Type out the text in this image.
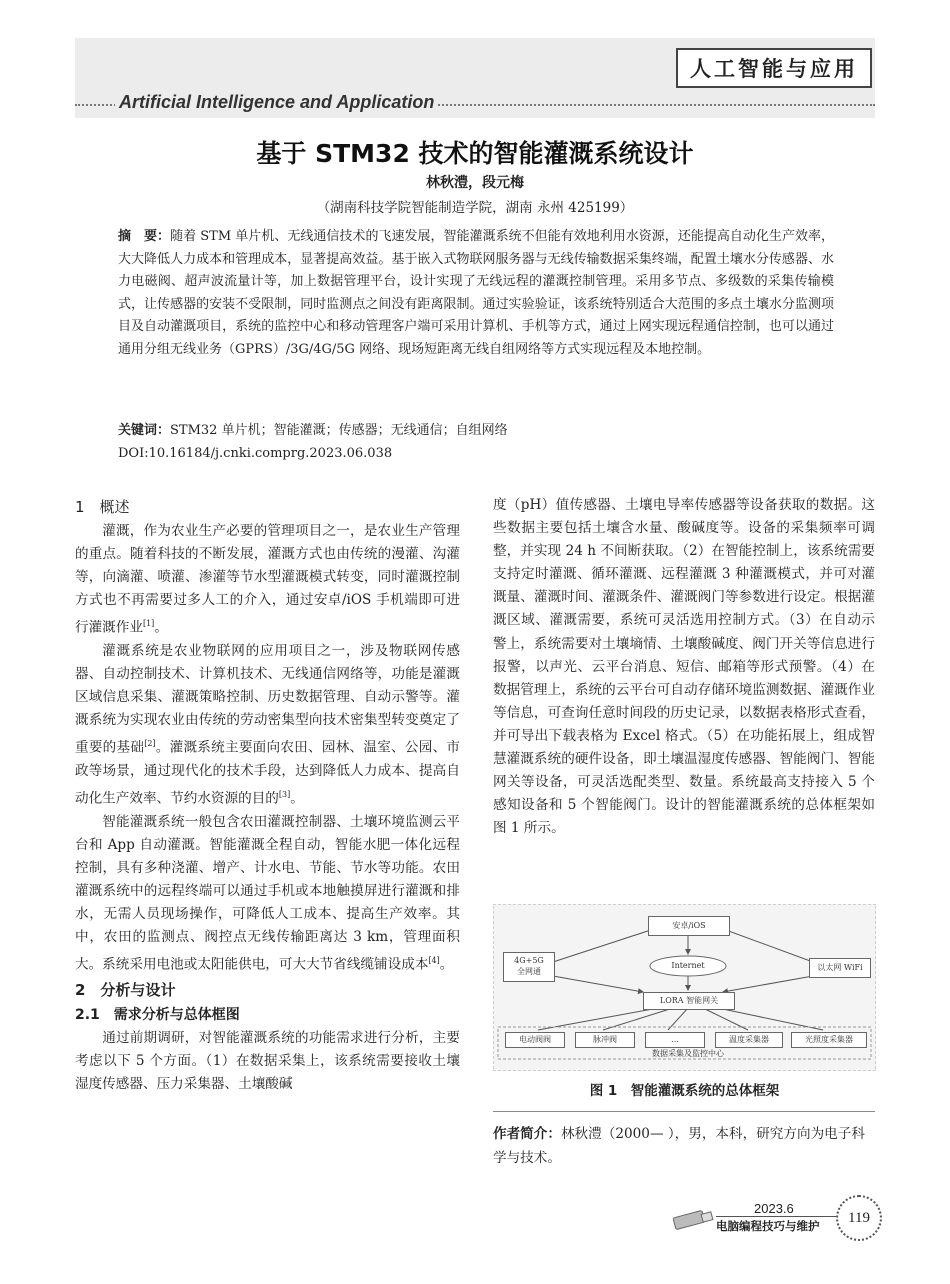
人工智能与应用
Artificial Intelligence and Application
基于 STM32 技术的智能灌溉系统设计
林秋澧，段元梅
（湖南科技学院智能制造学院，湖南 永州 425199）
摘　要：随着 STM 单片机、无线通信技术的飞速发展，智能灌溉系统不但能有效地利用水资源，还能提高自动化生产效率，大大降低人力成本和管理成本，显著提高效益。基于嵌入式物联网服务器与无线传输数据采集终端，配置土壤水分传感器、水力电磁阀、超声波流量计等，加上数据管理平台，设计实现了无线远程的灌溉控制管理。采用多节点、多级数的采集传输模式，让传感器的安装不受限制，同时监测点之间没有距离限制。通过实验验证，该系统特别适合大范围的多点土壤水分监测项目及自动灌溉项目，系统的监控中心和移动管理客户端可采用计算机、手机等方式，通过上网实现远程通信控制，也可以通过通用分组无线业务（GPRS）/3G/4G/5G 网络、现场短距离无线自组网络等方式实现远程及本地控制。
关键词：STM32 单片机；智能灌溉；传感器；无线通信；自组网络
DOI:10.16184/j.cnki.comprg.2023.06.038

1　概述

灌溉，作为农业生产必要的管理项目之一，是农业生产管理的重点。随着科技的不断发展，灌溉方式也由传统的漫灌、沟灌等，向滴灌、喷灌、渗灌等节水型灌溉模式转变，同时灌溉控制方式也不再需要过多人工的介入，通过安卓/iOS 手机端即可进行灌溉作业[1]。

灌溉系统是农业物联网的应用项目之一，涉及物联网传感器、自动控制技术、计算机技术、无线通信网络等，功能是灌溉区域信息采集、灌溉策略控制、历史数据管理、自动示警等。灌溉系统为实现农业由传统的劳动密集型向技术密集型转变奠定了重要的基础[2]。灌溉系统主要面向农田、园林、温室、公园、市政等场景，通过现代化的技术手段，达到降低人力成本、提高自动化生产效率、节约水资源的目的[3]。

智能灌溉系统一般包含农田灌溉控制器、土壤环境监测云平台和 App 自动灌溉。智能灌溉全程自动，智能水肥一体化远程控制，具有多种浇灌、增产、计水电、节能、节水等功能。农田灌溉系统中的远程终端可以通过手机或本地触摸屏进行灌溉和排水，无需人员现场操作，可降低人工成本、提高生产效率。其中，农田的监测点、阀控点无线传输距离达 3 km，管理面积大。系统采用电池或太阳能供电，可大大节省线缆铺设成本[4]。

2　分析与设计

2.1　需求分析与总体框图

通过前期调研，对智能灌溉系统的功能需求进行分析，主要考虑以下 5 个方面。（1）在数据采集上，该系统需要接收土壤湿度传感器、压力采集器、土壤酸碱

度（pH）值传感器、土壤电导率传感器等设备获取的数据。这些数据主要包括土壤含水量、酸碱度等。设备的采集频率可调整，并实现 24 h 不间断获取。（2）在智能控制上，该系统需要支持定时灌溉、循环灌溉、远程灌溉 3 种灌溉模式，并可对灌溉量、灌溉时间、灌溉条件、灌溉阀门等参数进行设定。根据灌溉区域、灌溉需要，系统可灵活选用控制方式。（3）在自动示警上，系统需要对土壤墒情、土壤酸碱度、阀门开关等信息进行报警，以声光、云平台消息、短信、邮箱等形式预警。（4）在数据管理上，系统的云平台可自动存储环境监测数据、灌溉作业等信息，可查询任意时间段的历史记录，以数据表格形式查看，并可导出下载表格为 Excel 格式。（5）在功能拓展上，组成智慧灌溉系统的硬件设备，即土壤温湿度传感器、智能阀门、智能网关等设备，可灵活选配类型、数量。系统最高支持接入 5 个感知设备和 5 个智能阀门。设计的智能灌溉系统的总体框架如图 1 所示。

安卓/iOS
4G+5G
全网通
Internet	以太网 WiFi
LORA 智能网关
电动阀阀	脉冲阀	…	温度采集器	光照度采集器
数据采集及监控中心
图 1　智能灌溉系统的总体框架
作者简介：林秋澧（2000— ），男，本科，研究方向为电子科学与技术。
2023.6
电脑编程技巧与维护	119
